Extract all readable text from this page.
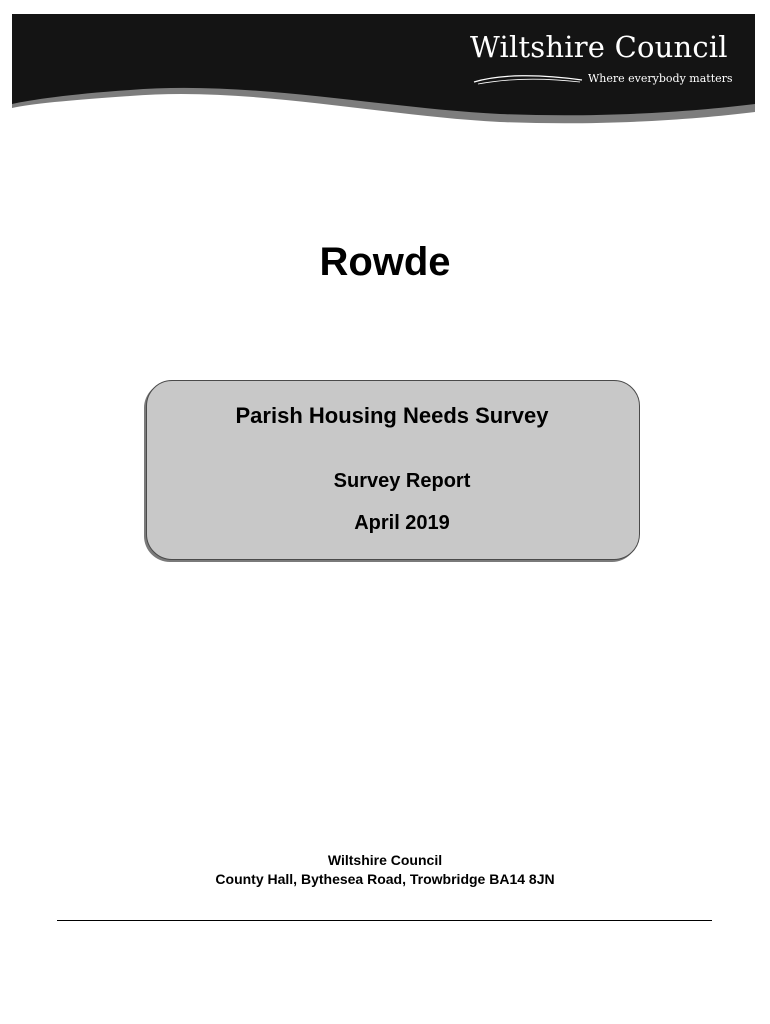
Wiltshire Council
Where everybody matters
Rowde
Parish Housing Needs Survey
Survey Report
April 2019
Wiltshire Council
County Hall, Bythesea Road, Trowbridge BA14 8JN
